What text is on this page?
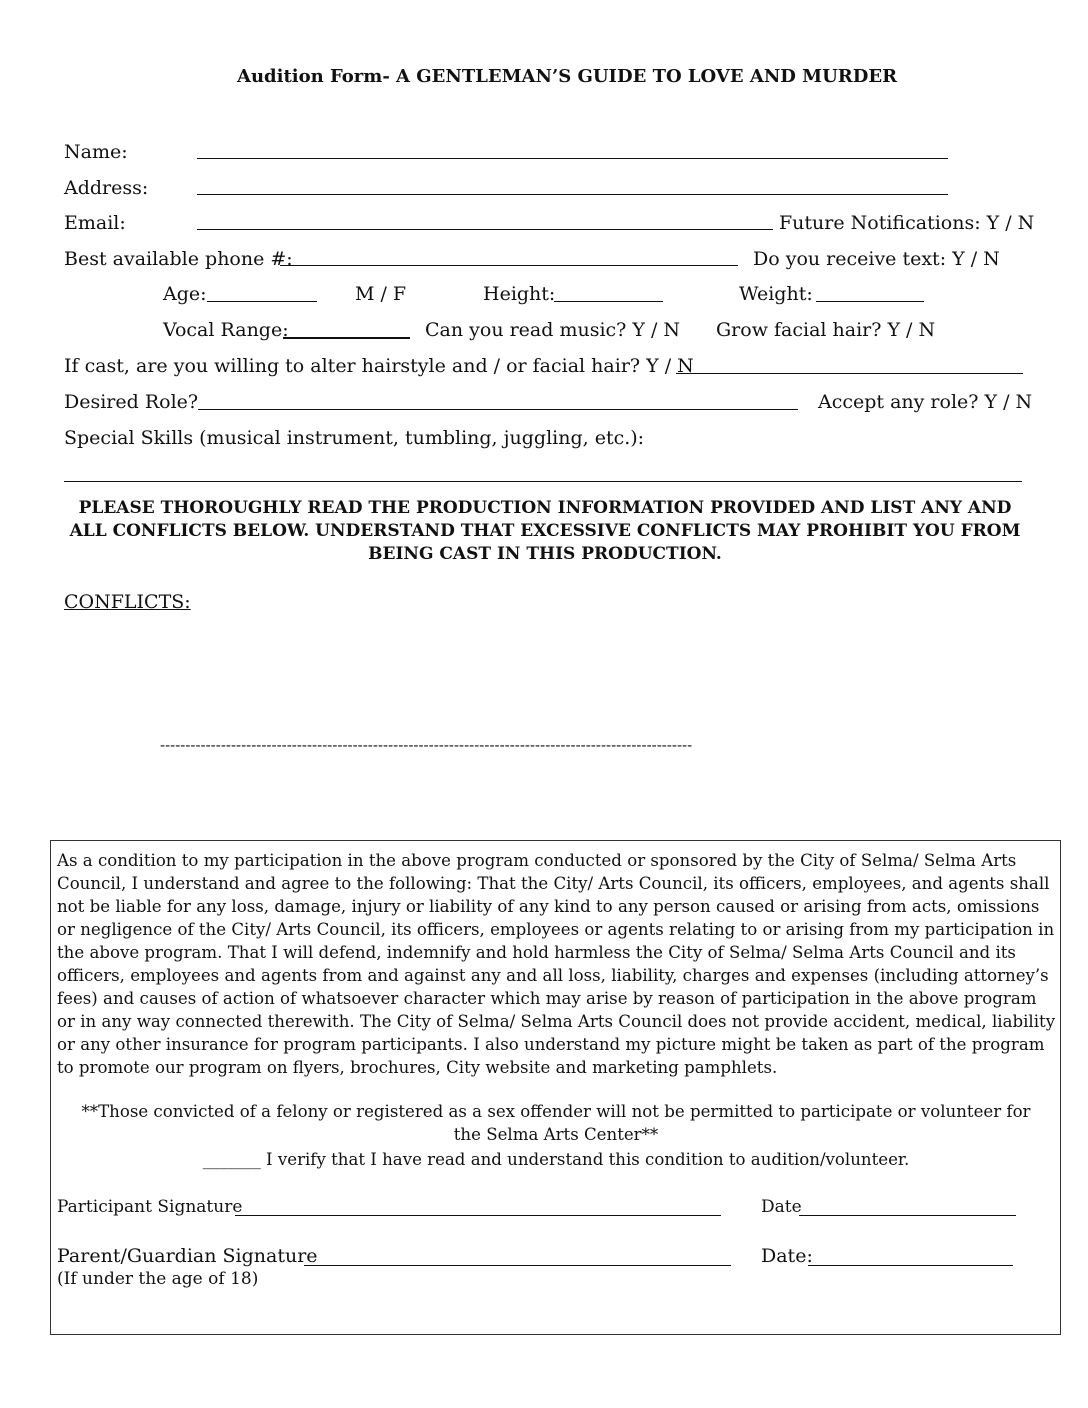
Audition Form- A GENTLEMAN’S GUIDE TO LOVE AND MURDER
Name:
Address:
Email:	Future Notifications: Y / N
Best available phone #:	Do you receive text: Y / N
Age:	M / F	Height:	Weight:
Vocal Range:	Can you read music? Y / N Grow facial hair? Y / N
If cast, are you willing to alter hairstyle and / or facial hair? Y / N
Desired Role?	Accept any role? Y / N
Special Skills (musical instrument, tumbling, juggling, etc.):
PLEASE THOROUGHLY READ THE PRODUCTION INFORMATION PROVIDED AND LIST ANY AND ALL CONFLICTS BELOW. UNDERSTAND THAT EXCESSIVE CONFLICTS MAY PROHIBIT YOU FROM BEING CAST IN THIS PRODUCTION.
CONFLICTS:
---------------------------------------------------------------------------------------------------------
As a condition to my participation in the above program conducted or sponsored by the City of Selma/ Selma Arts Council, I understand and agree to the following: That the City/ Arts Council, its officers, employees, and agents shall not be liable for any loss, damage, injury or liability of any kind to any person caused or arising from acts, omissions or negligence of the City/ Arts Council, its officers, employees or agents relating to or arising from my participation in the above program. That I will defend, indemnify and hold harmless the City of Selma/ Selma Arts Council and its officers, employees and agents from and against any and all loss, liability, charges and expenses (including attorney’s fees) and causes of action of whatsoever character which may arise by reason of participation in the above program or in any way connected therewith. The City of Selma/ Selma Arts Council does not provide accident, medical, liability or any other insurance for program participants. I also understand my picture might be taken as part of the program to promote our program on flyers, brochures, City website and marketing pamphlets.
**Those convicted of a felony or registered as a sex offender will not be permitted to participate or volunteer for the Selma Arts Center**
_______ I verify that I have read and understand this condition to audition/volunteer.
Participant Signature	Date
Parent/Guardian Signature	Date:
(If under the age of 18)
